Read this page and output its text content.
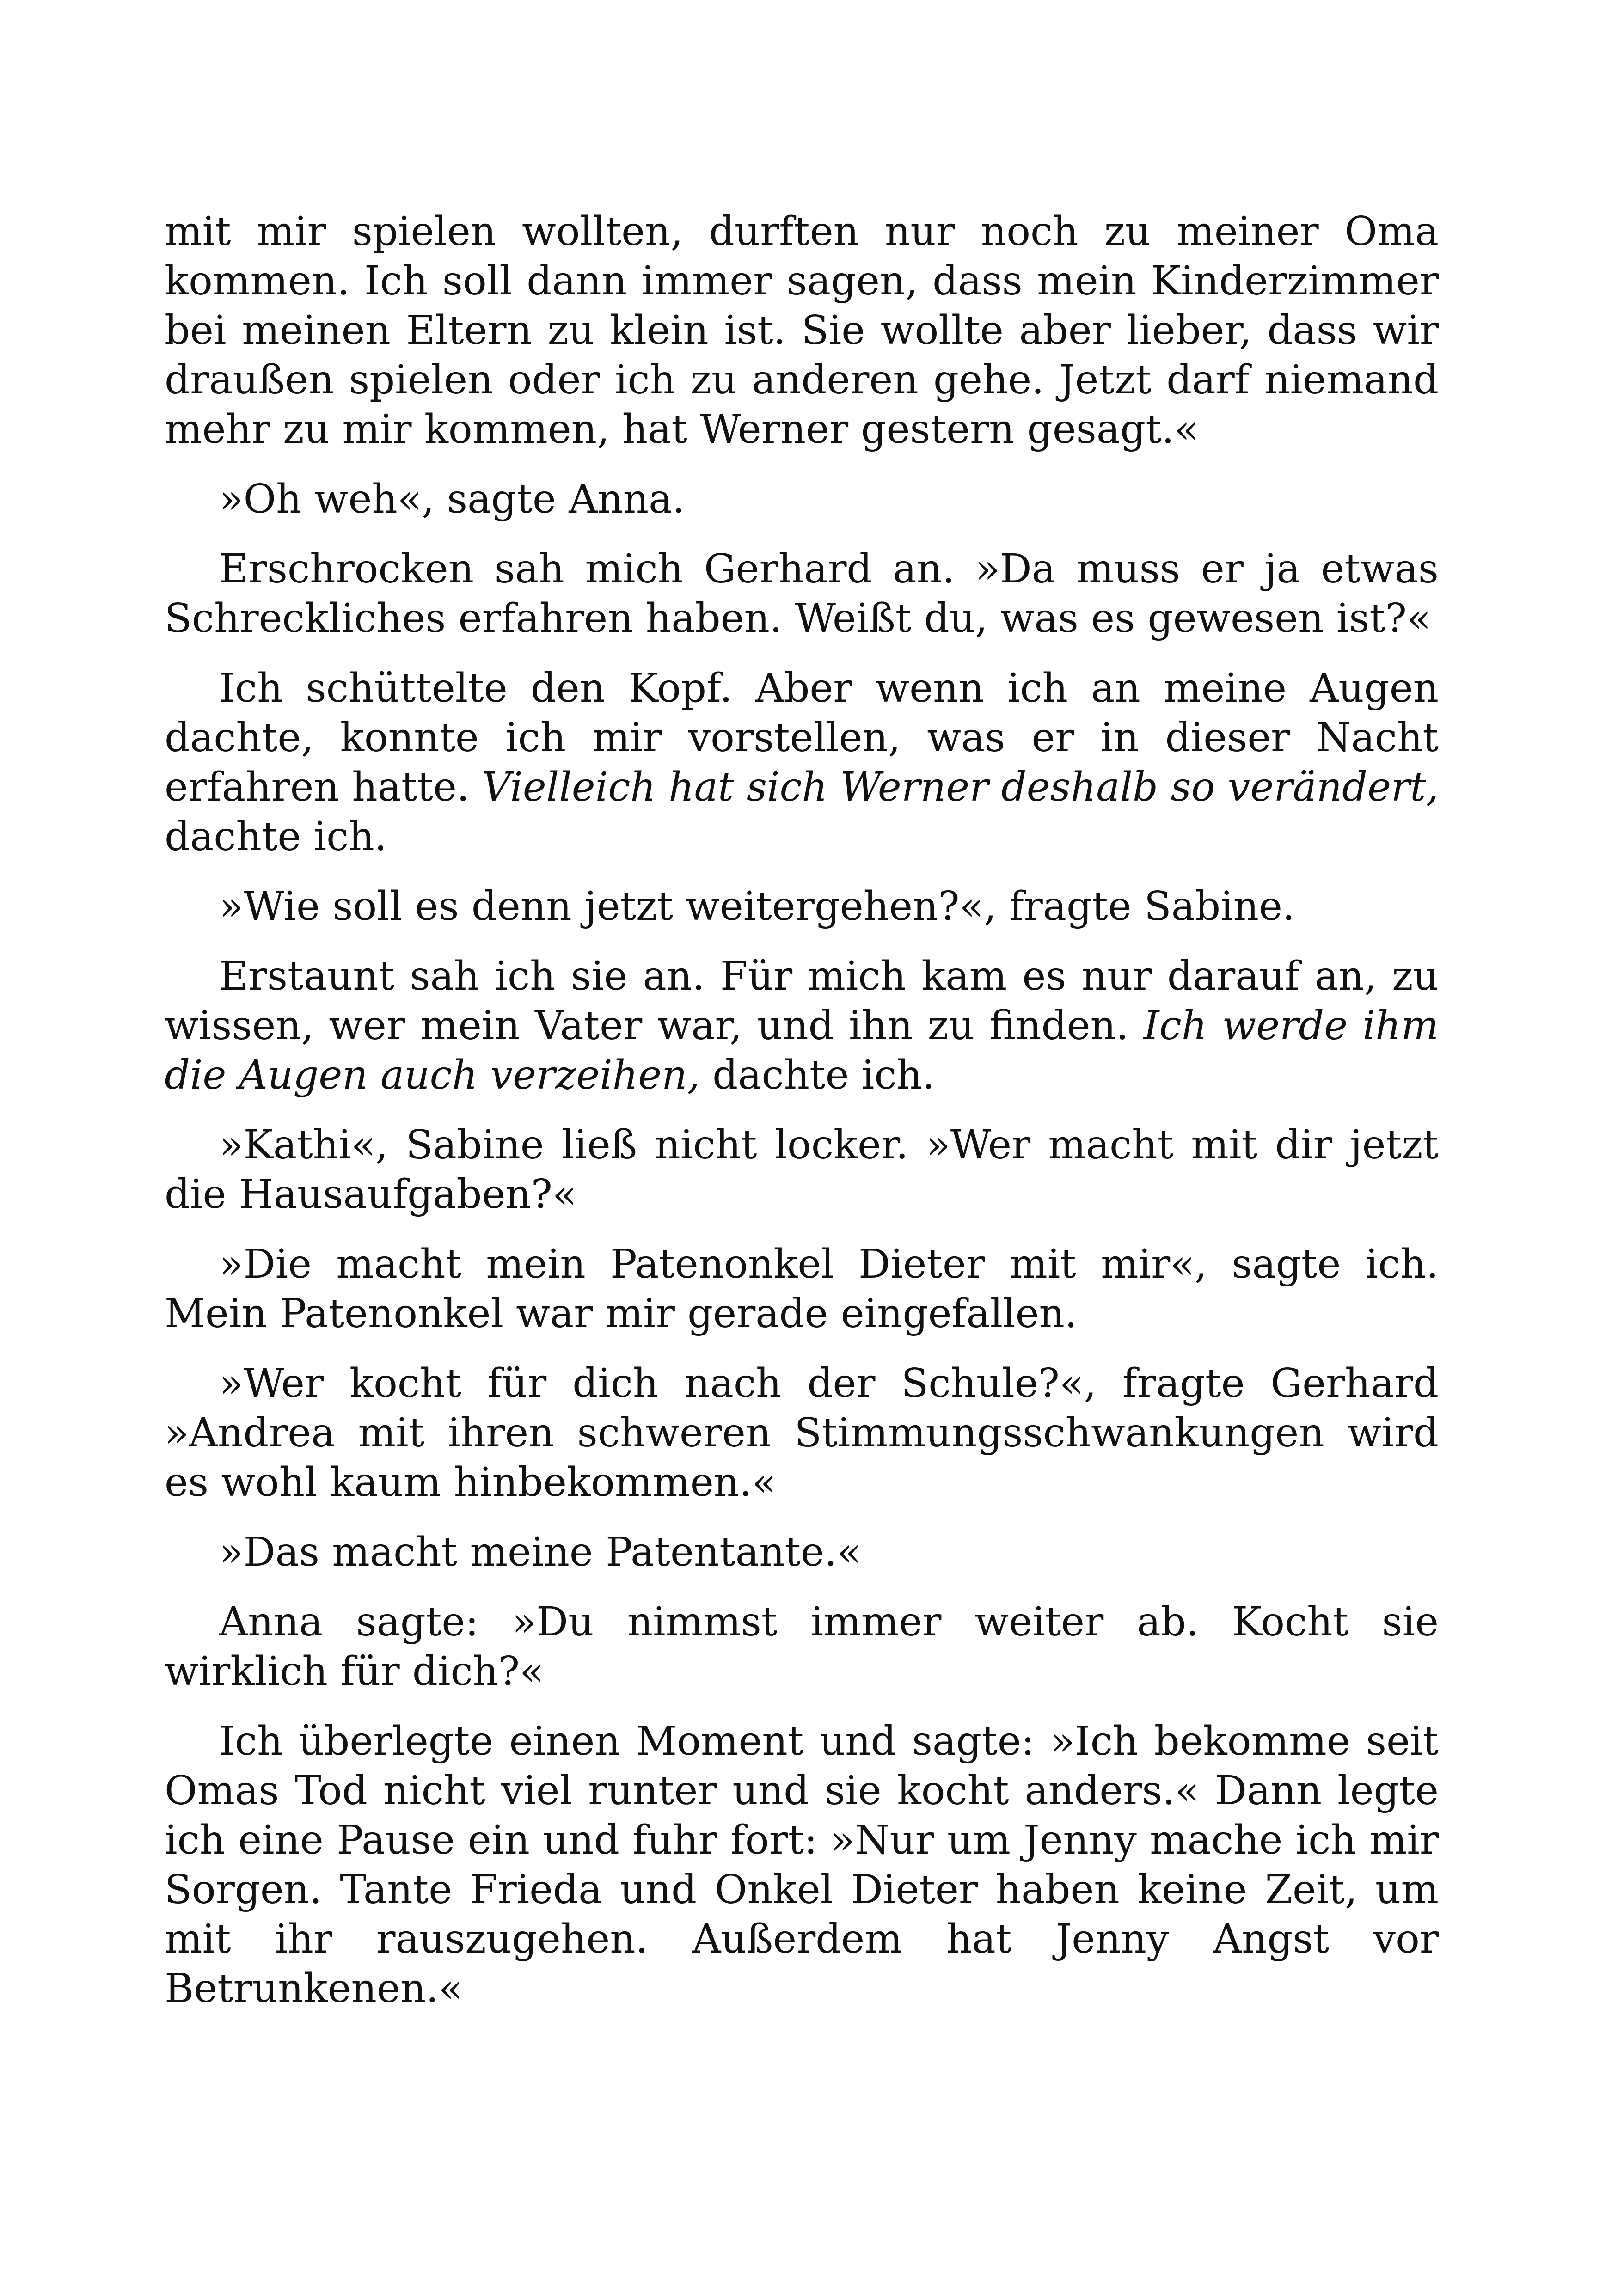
mit mir spielen wollten, durften nur noch zu meiner Oma kommen. Ich soll dann immer sagen, dass mein Kinderzimmer bei meinen Eltern zu klein ist. Sie wollte aber lieber, dass wir draußen spielen oder ich zu anderen gehe. Jetzt darf niemand mehr zu mir kommen, hat Werner gestern gesagt.«

»Oh weh«, sagte Anna.

Erschrocken sah mich Gerhard an. »Da muss er ja etwas Schreckliches erfahren haben. Weißt du, was es gewesen ist?«

Ich schüttelte den Kopf. Aber wenn ich an meine Augen dachte, konnte ich mir vorstellen, was er in dieser Nacht erfahren hatte. Vielleich hat sich Werner deshalb so verändert, dachte ich.

»Wie soll es denn jetzt weitergehen?«, fragte Sabine.

Erstaunt sah ich sie an. Für mich kam es nur darauf an, zu wissen, wer mein Vater war, und ihn zu finden. Ich werde ihm die Augen auch verzeihen, dachte ich.

»Kathi«, Sabine ließ nicht locker. »Wer macht mit dir jetzt die Hausaufgaben?«

»Die macht mein Patenonkel Dieter mit mir«, sagte ich. Mein Patenonkel war mir gerade eingefallen.

»Wer kocht für dich nach der Schule?«, fragte Gerhard »Andrea mit ihren schweren Stimmungsschwankungen wird es wohl kaum hinbekommen.«

»Das macht meine Patentante.«

Anna sagte: »Du nimmst immer weiter ab. Kocht sie wirklich für dich?«

Ich überlegte einen Moment und sagte: »Ich bekomme seit Omas Tod nicht viel runter und sie kocht anders.« Dann legte ich eine Pause ein und fuhr fort: »Nur um Jenny mache ich mir Sorgen. Tante Frieda und Onkel Dieter haben keine Zeit, um mit ihr rauszugehen. Außerdem hat Jenny Angst vor Betrunkenen.«
